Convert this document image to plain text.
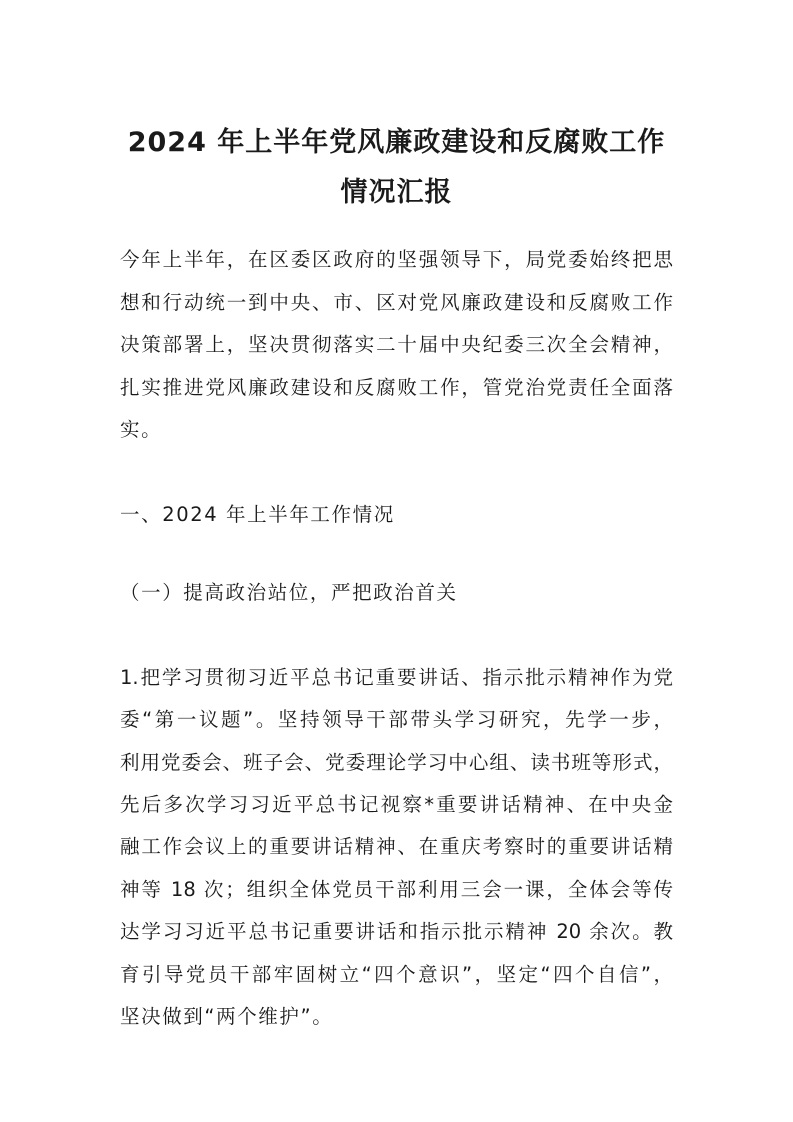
2024 年上半年党风廉政建设和反腐败工作
情况汇报

今年上半年，在区委区政府的坚强领导下，局党委始终把思

想和行动统一到中央、市、区对党风廉政建设和反腐败工作

决策部署上，坚决贯彻落实二十届中央纪委三次全会精神，

扎实推进党风廉政建设和反腐败工作，管党治党责任全面落

实。

一、2024 年上半年工作情况

（一）提高政治站位，严把政治首关

1.把学习贯彻习近平总书记重要讲话、指示批示精神作为党

委“第一议题”。坚持领导干部带头学习研究，先学一步，

利用党委会、班子会、党委理论学习中心组、读书班等形式，

先后多次学习习近平总书记视察*重要讲话精神、在中央金

融工作会议上的重要讲话精神、在重庆考察时的重要讲话精

神等 18 次；组织全体党员干部利用三会一课，全体会等传

达学习习近平总书记重要讲话和指示批示精神 20 余次。教

育引导党员干部牢固树立“四个意识”，坚定“四个自信”，

坚决做到“两个维护”。
